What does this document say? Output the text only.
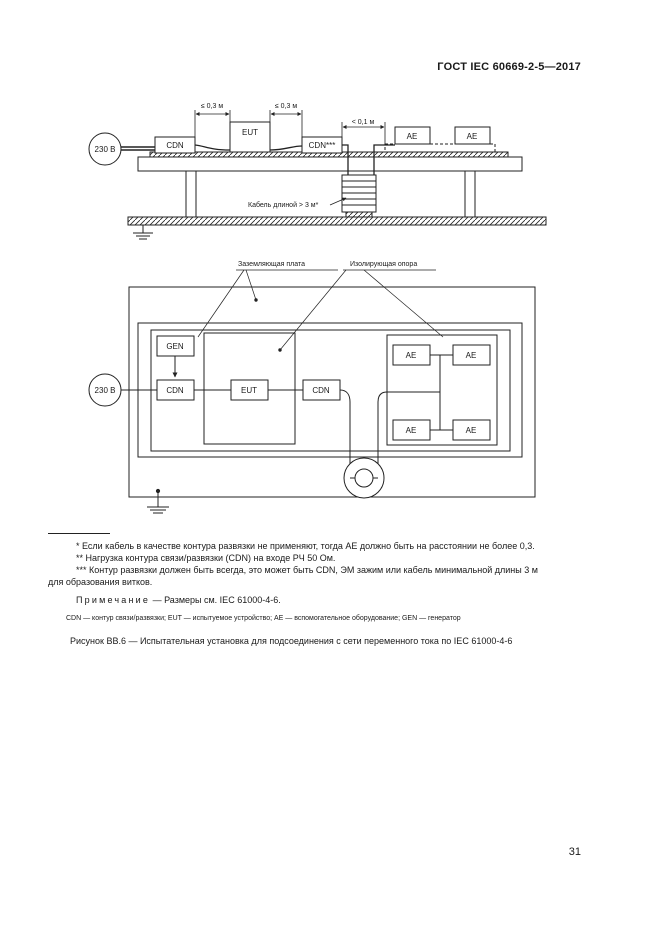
ГОСТ IEC 60669-2-5—2017
230 В	CDN
EUT
CDN***
AE	AE
≤ 0,3 м	≤ 0,3 м
< 0,1 м
Кабель длиной > 3 м*
Заземляющая плата	Изолирующая опора
230 В
GEN
CDN	EUT	CDN
AE	AE
AE	AE
* Если кабель в качестве контура развязки не применяют, тогда AE должно быть на расстоянии не более 0,3.
** Нагрузка контура связи/развязки (CDN) на входе РЧ 50 Ом.
*** Контур развязки должен быть всегда, это может быть CDN, ЭМ зажим или кабель минимальной длины 3 м
для образования витков.
Примечание — Размеры см. IEC 61000-4-6.
CDN — контур связи/развязки; EUT — испытуемое устройство; AE — вспомогательное оборудование; GEN — генератор
Рисунок ВВ.6 — Испытательная установка для подсоединения с сети переменного тока по IEC 61000-4-6
31
